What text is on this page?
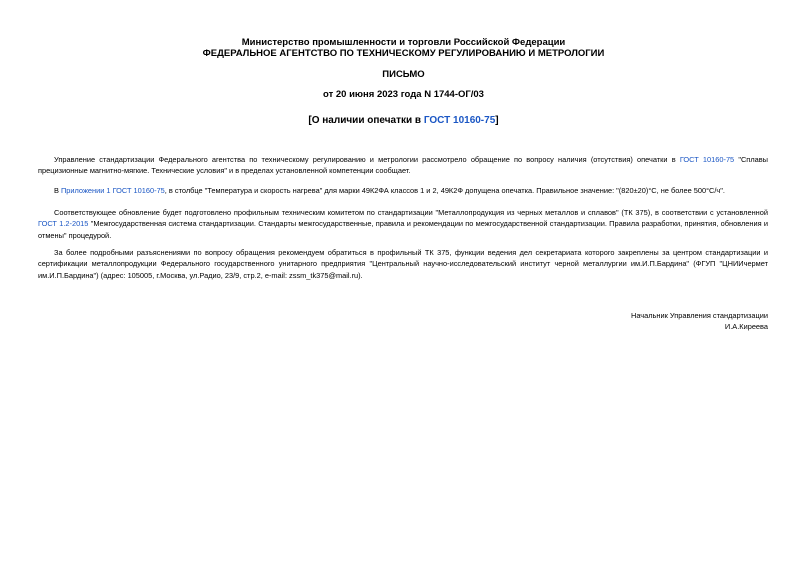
Министерство промышленности и торговли Российской Федерации
ФЕДЕРАЛЬНОЕ АГЕНТСТВО ПО ТЕХНИЧЕСКОМУ РЕГУЛИРОВАНИЮ И МЕТРОЛОГИИ
ПИСЬМО
от 20 июня 2023 года N 1744-ОГ/03
[О наличии опечатки в ГОСТ 10160-75]
Управление стандартизации Федерального агентства по техническому регулированию и метрологии рассмотрело обращение по вопросу наличия (отсутствия) опечатки в ГОСТ 10160-75 "Сплавы прецизионные магнитно-мягкие. Технические условия" и в пределах установленной компетенции сообщает.
В Приложении 1 ГОСТ 10160-75, в столбце "Температура и скорость нагрева" для марки 49К2ФА классов 1 и 2, 49К2Ф допущена опечатка. Правильное значение: "(820±20)°С, не более 500°С/ч".
Соответствующее обновление будет подготовлено профильным техническим комитетом по стандартизации "Металлопродукция из черных металлов и сплавов" (ТК 375), в соответствии с установленной ГОСТ 1.2-2015 "Межгосударственная система стандартизации. Стандарты межгосударственные, правила и рекомендации по межгосударственной стандартизации. Правила разработки, принятия, обновления и отмены" процедурой.
За более подробными разъяснениями по вопросу обращения рекомендуем обратиться в профильный ТК 375, функции ведения дел секретариата которого закреплены за центром стандартизации и сертификации металлопродукции Федерального государственного унитарного предприятия "Центральный научно-исследовательский институт черной металлургии им.И.П.Бардина" (ФГУП "ЦНИИчермет им.И.П.Бардина") (адрес: 105005, г.Москва, ул.Радио, 23/9, стр.2, e-mail: zssm_tk375@mail.ru).
Начальник Управления стандартизации
И.А.Киреева
